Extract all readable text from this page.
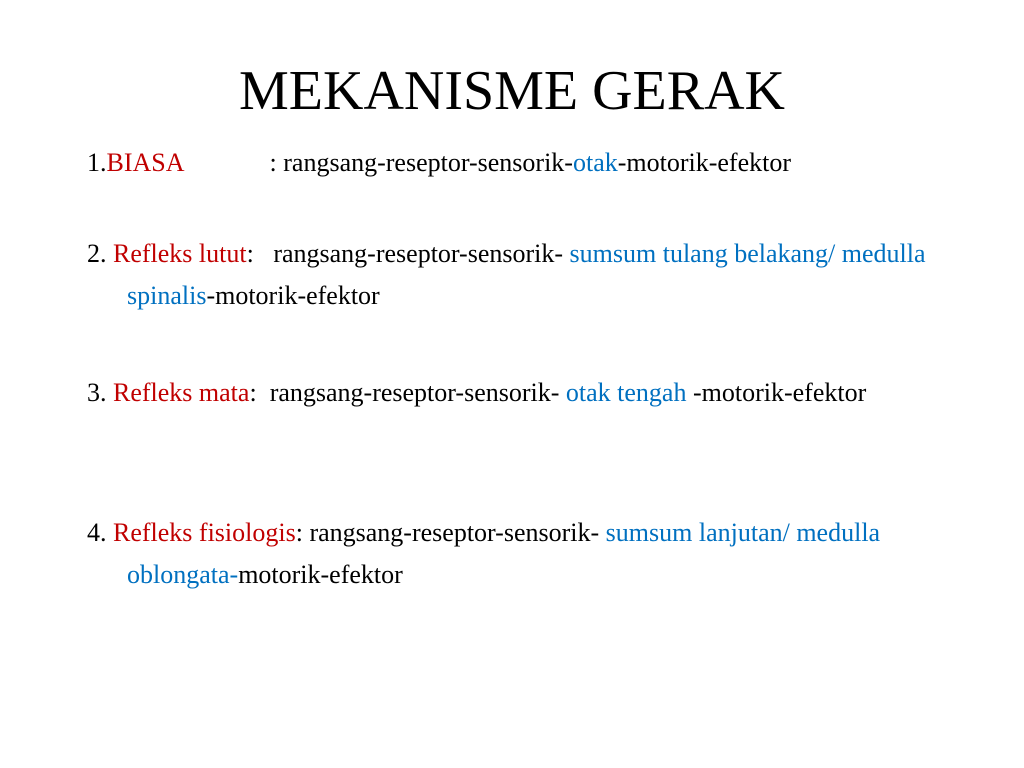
MEKANISME GERAK
1.BIASA	: rangsang-reseptor-sensorik-otak-motorik-efektor
2. Refleks lutut:   rangsang-reseptor-sensorik- sumsum tulang belakang/ medulla spinalis-motorik-efektor
3. Refleks mata:  rangsang-reseptor-sensorik- otak tengah -motorik-efektor
4. Refleks fisiologis: rangsang-reseptor-sensorik- sumsum lanjutan/ medulla oblongata-motorik-efektor
